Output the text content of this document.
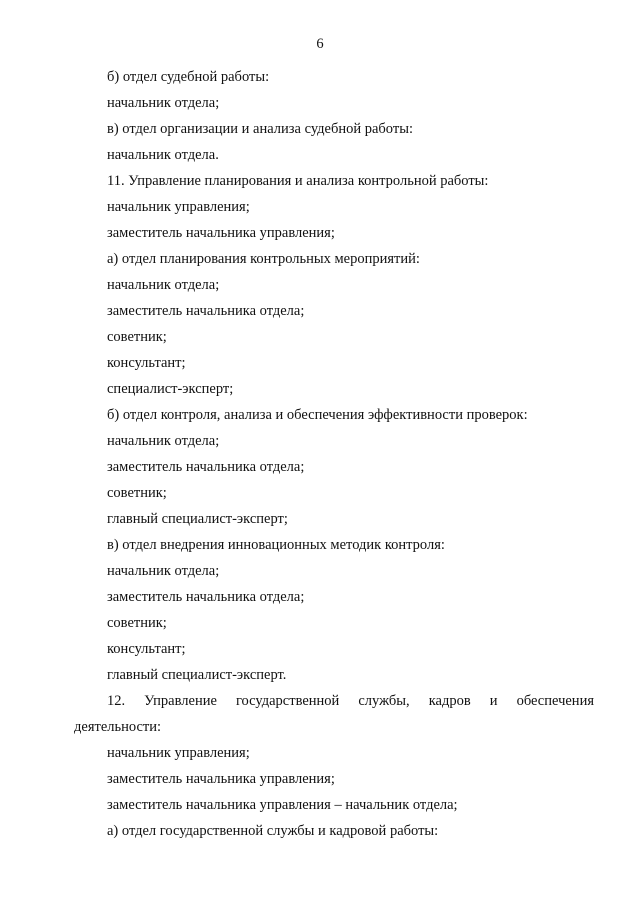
6
б) отдел судебной работы:
начальник отдела;
в) отдел организации и анализа судебной работы:
начальник отдела.
11. Управление планирования и анализа контрольной работы:
начальник управления;
заместитель начальника управления;
а) отдел планирования контрольных мероприятий:
начальник отдела;
заместитель начальника отдела;
советник;
консультант;
специалист-эксперт;
б) отдел контроля, анализа и обеспечения эффективности проверок:
начальник отдела;
заместитель начальника отдела;
советник;
главный специалист-эксперт;
в) отдел внедрения инновационных методик контроля:
начальник отдела;
заместитель начальника отдела;
советник;
консультант;
главный специалист-эксперт.
12. Управление государственной службы, кадров и обеспечения
деятельности:
начальник управления;
заместитель начальника управления;
заместитель начальника управления – начальник отдела;
а) отдел государственной службы и кадровой работы:
